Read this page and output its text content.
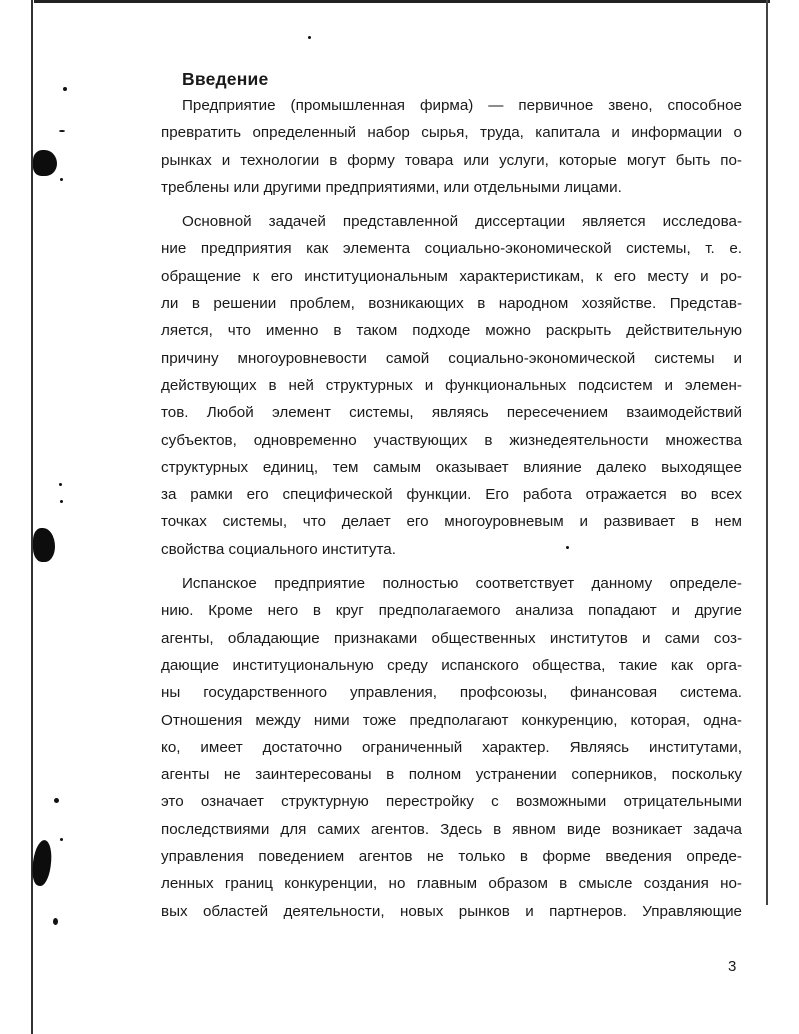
Введение

Предприятие (промышленная фирма) — первичное звено, способное
превратить определенный набор сырья, труда, капитала и информации о
рынках и технологии в форму товара или услуги, которые могут быть по-
треблены или другими предприятиями, или отдельными лицами.

Основной задачей представленной диссертации является исследова-
ние предприятия как элемента социально-экономической системы, т. е.
обращение к его институциональным характеристикам, к его месту и ро-
ли в решении проблем, возникающих в народном хозяйстве. Представ-
ляется, что именно в таком подходе можно раскрыть действительную
причину многоуровневости самой социально-экономической системы и
действующих в ней структурных и функциональных подсистем и элемен-
тов. Любой элемент системы, являясь пересечением взаимодействий
субъектов, одновременно участвующих в жизнедеятельности множества
структурных единиц, тем самым оказывает влияние далеко выходящее
за рамки его специфической функции. Его работа отражается во всех
точках системы, что делает его многоуровневым и развивает в нем
свойства социального института.

Испанское предприятие полностью соответствует данному определе-
нию. Кроме него в круг предполагаемого анализа попадают и другие
агенты, обладающие признаками общественных институтов и сами соз-
дающие институциональную среду испанского общества, такие как орга-
ны государственного управления, профсоюзы, финансовая система.
Отношения между ними тоже предполагают конкуренцию, которая, одна-
ко, имеет достаточно ограниченный характер. Являясь институтами,
агенты не заинтересованы в полном устранении соперников, поскольку
это означает структурную перестройку с возможными отрицательными
последствиями для самих агентов. Здесь в явном виде возникает задача
управления поведением агентов не только в форме введения опреде-
ленных границ конкуренции, но главным образом в смысле создания но-
вых областей деятельности, новых рынков и партнеров. Управляющие

3
